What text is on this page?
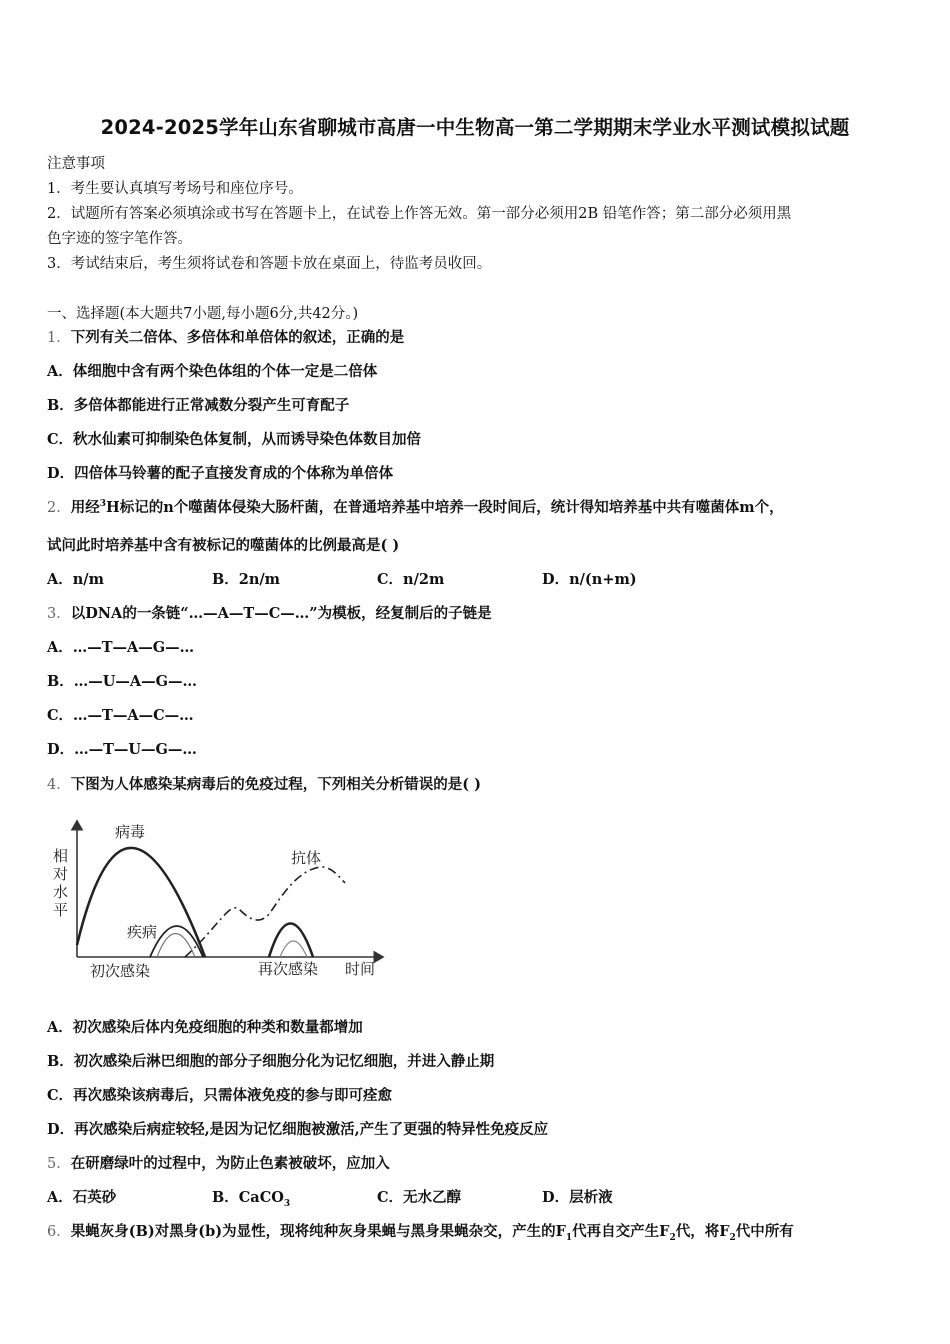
2024-2025学年山东省聊城市高唐一中生物高一第二学期期末学业水平测试模拟试题
注意事项
1．考生要认真填写考场号和座位序号。
2．试题所有答案必须填涂或书写在答题卡上，在试卷上作答无效。第一部分必须用2B 铅笔作答；第二部分必须用黑
色字迹的签字笔作答。
3．考试结束后，考生须将试卷和答题卡放在桌面上，待监考员收回。
一、选择题(本大题共7小题,每小题6分,共42分。)
1．下列有关二倍体、多倍体和单倍体的叙述，正确的是
A．体细胞中含有两个染色体组的个体一定是二倍体
B．多倍体都能进行正常减数分裂产生可育配子
C．秋水仙素可抑制染色体复制，从而诱导染色体数目加倍
D．四倍体马铃薯的配子直接发育成的个体称为单倍体
2．用经$^3$H标记的n个噬菌体侵染大肠杆菌，在普通培养基中培养一段时间后，统计得知培养基中共有噬菌体m个，
试问此时培养基中含有被标记的噬菌体的比例最高是( )
A．n/m	B．2n/m	C．n/2m	D．n/(n+m)
3．以DNA的一条链“…—A—T—C—…”为模板，经复制后的子链是
A．…—T—A—G—…
B．…—U—A—G—…
C．…—T—A—C—…
D．…—T—U—G—…
4．下图为人体感染某病毒后的免疫过程，下列相关分析错误的是( )
相
对
水
平
病毒
疾病
抗体
初次感染	再次感染 时间
A．初次感染后体内免疫细胞的种类和数量都增加
B．初次感染后淋巴细胞的部分子细胞分化为记忆细胞，并进入静止期
C．再次感染该病毒后，只需体液免疫的参与即可痊愈
D．再次感染后病症较轻,是因为记忆细胞被激活,产生了更强的特异性免疫反应
5．在研磨绿叶的过程中，为防止色素被破坏，应加入
A．石英砂	B．CaCO$_3$	C．无水乙醇	D．层析液
6．果蝇灰身(B)对黑身(b)为显性，现将纯种灰身果蝇与黑身果蝇杂交，产生的$F_1$代再自交产生$F_2$代，将$F_2$代中所有
